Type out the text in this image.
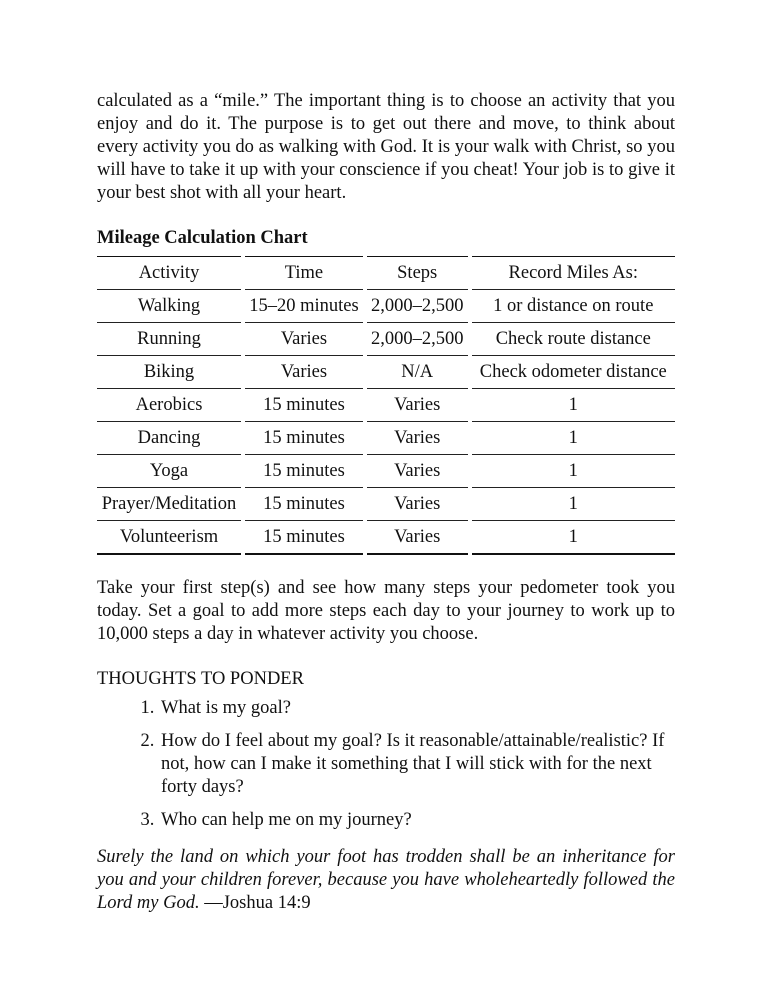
calculated as a “mile.” The important thing is to choose an activity that you enjoy and do it. The purpose is to get out there and move, to think about every activity you do as walking with God. It is your walk with Christ, so you will have to take it up with your conscience if you cheat! Your job is to give it your best shot with all your heart.

Mileage Calculation Chart

Activity	Time	Steps	Record Miles As:
Walking	15–20 minutes	2,000–2,500	1 or distance on route
Running	Varies	2,000–2,500	Check route distance
Biking	Varies	N/A	Check odometer distance
Aerobics	15 minutes	Varies	1
Dancing	15 minutes	Varies	1
Yoga	15 minutes	Varies	1
Prayer/Meditation	15 minutes	Varies	1
Volunteerism	15 minutes	Varies	1

Take your first step(s) and see how many steps your pedometer took you today. Set a goal to add more steps each day to your journey to work up to 10,000 steps a day in whatever activity you choose.

THOUGHTS TO PONDER

1. What is my goal?
2. How do I feel about my goal? Is it reasonable/attainable/realistic? If not, how can I make it something that I will stick with for the next forty days?
3. Who can help me on my journey?

Surely the land on which your foot has trodden shall be an inheritance for you and your children forever, because you have wholeheartedly followed the Lord my God. —Joshua 14:9
